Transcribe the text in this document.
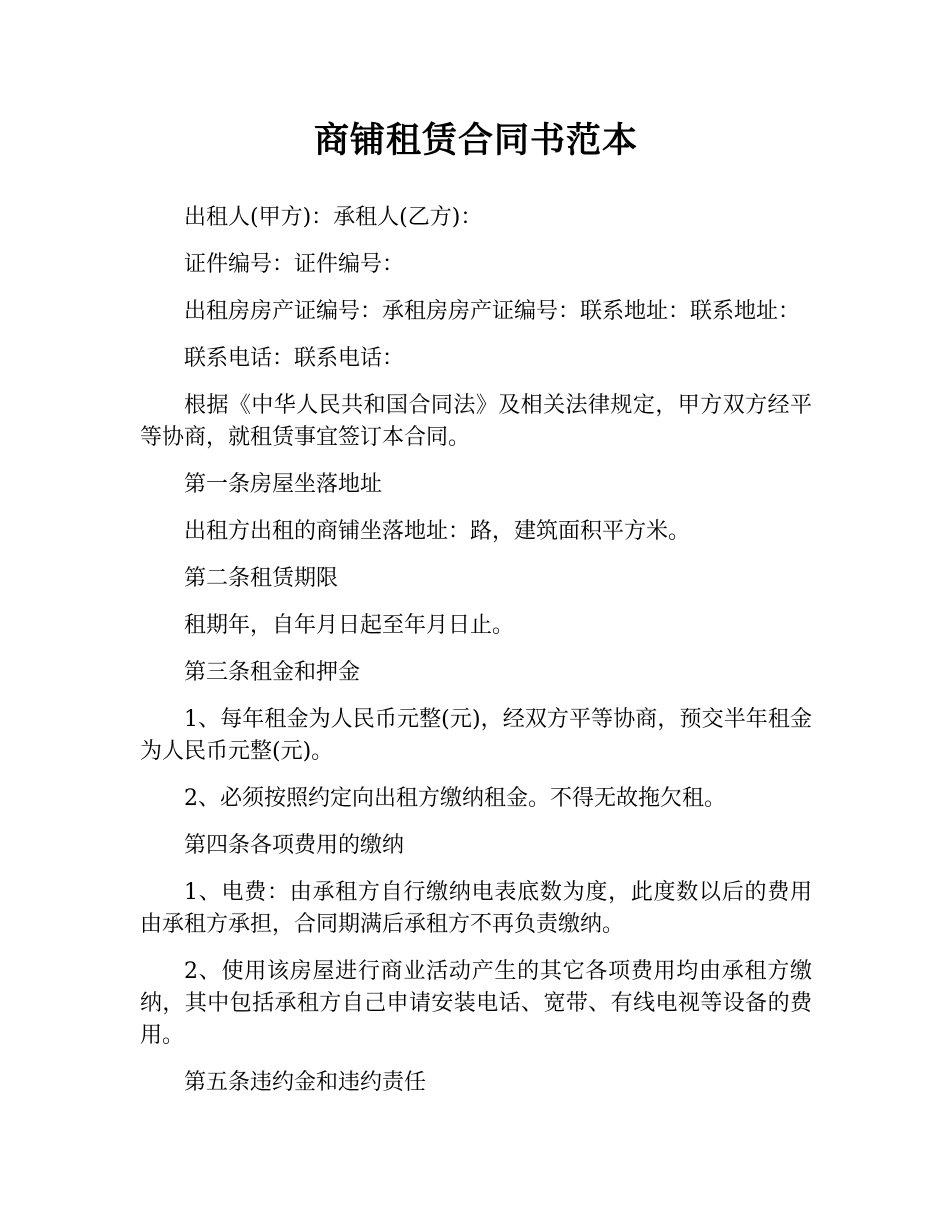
商铺租赁合同书范本

出租人(甲方)：承租人(乙方)：

证件编号：证件编号：

出租房房产证编号：承租房房产证编号：联系地址：联系地址：

联系电话：联系电话：

根据《中华人民共和国合同法》及相关法律规定，甲方双方经平等协商，就租赁事宜签订本合同。

第一条房屋坐落地址

出租方出租的商铺坐落地址：路，建筑面积平方米。

第二条租赁期限

租期年，自年月日起至年月日止。

第三条租金和押金

1、每年租金为人民币元整(元)，经双方平等协商，预交半年租金为人民币元整(元)。

2、必须按照约定向出租方缴纳租金。不得无故拖欠租。

第四条各项费用的缴纳

1、电费：由承租方自行缴纳电表底数为度，此度数以后的费用由承租方承担，合同期满后承租方不再负责缴纳。

2、使用该房屋进行商业活动产生的其它各项费用均由承租方缴纳，其中包括承租方自己申请安装电话、宽带、有线电视等设备的费用。

第五条违约金和违约责任
